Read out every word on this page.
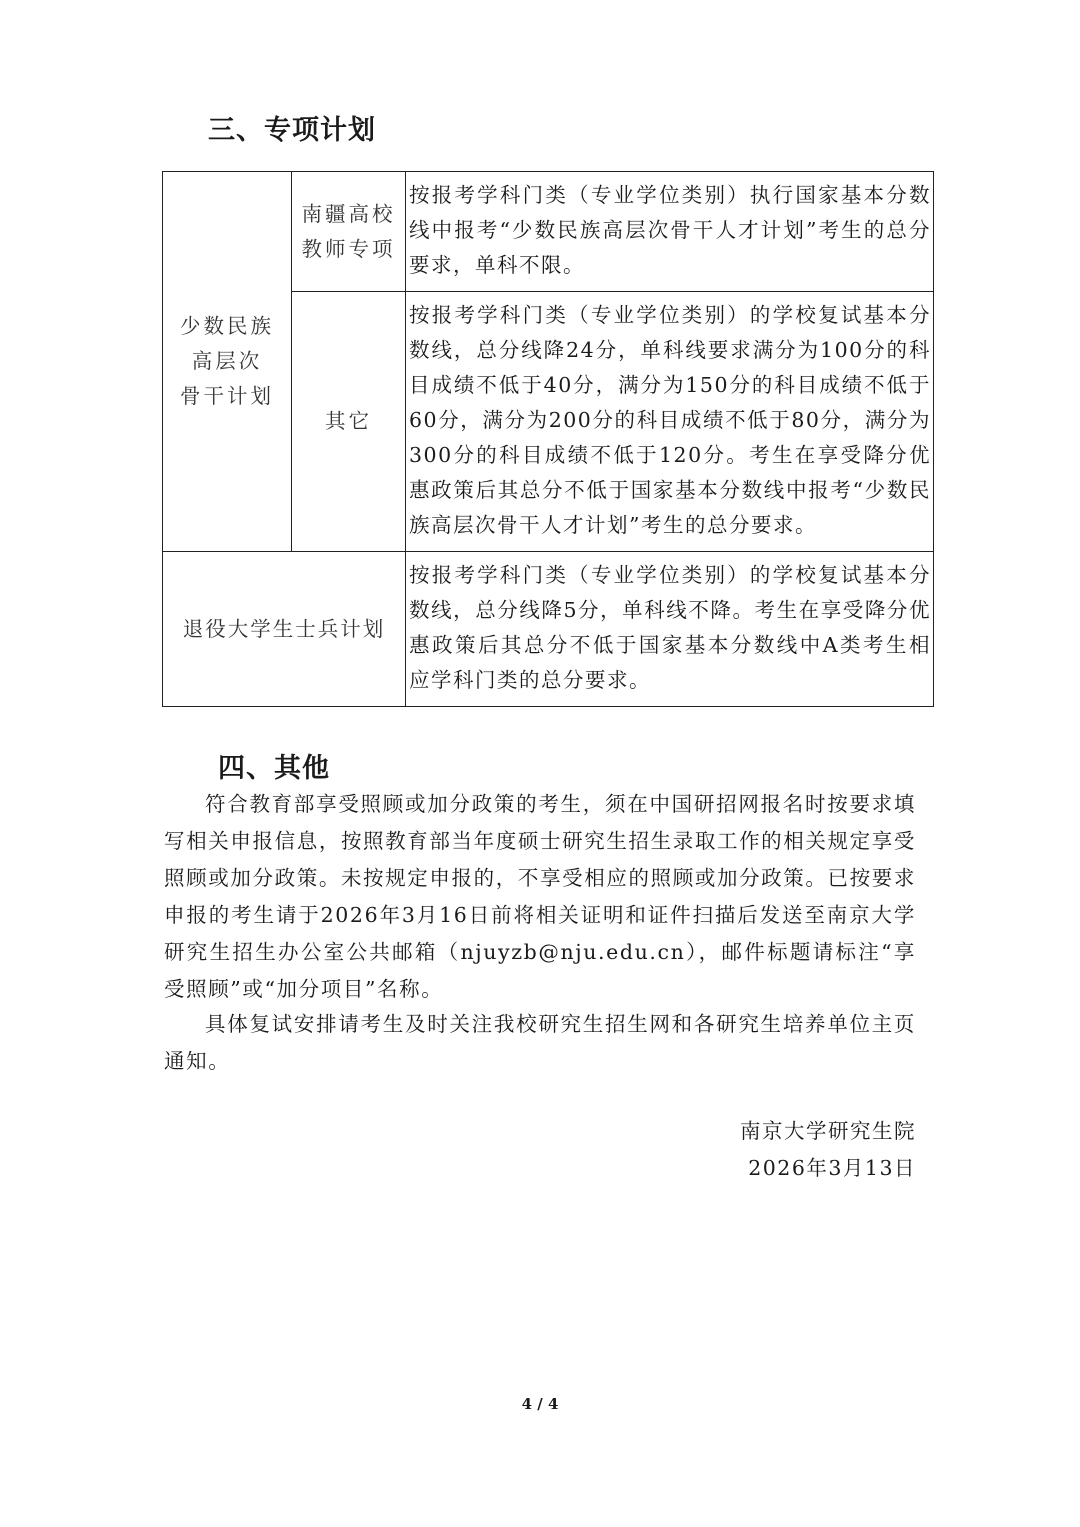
三、专项计划
少数民族
高层次
骨干计划	南疆高校
教师专项	按报考学科门类（专业学位类别）执行国家基本分数线中报考“少数民族高层次骨干人才计划”考生的总分要求，单科不限。

	其它	按报考学科门类（专业学位类别）的学校复试基本分数线，总分线降24分，单科线要求满分为100分的科目成绩不低于40分，满分为150分的科目成绩不低于60分，满分为200分的科目成绩不低于80分，满分为300分的科目成绩不低于120分。考生在享受降分优惠政策后其总分不低于国家基本分数线中报考“少数民族高层次骨干人才计划”考生的总分要求。
退役大学生士兵计划		按报考学科门类（专业学位类别）的学校复试基本分数线，总分线降5分，单科线不降。考生在享受降分优惠政策后其总分不低于国家基本分数线中A类考生相应学科门类的总分要求。
四、其他

符合教育部享受照顾或加分政策的考生，须在中国研招网报名时按要求填写相关申报信息，按照教育部当年度硕士研究生招生录取工作的相关规定享受照顾或加分政策。未按规定申报的，不享受相应的照顾或加分政策。已按要求申报的考生请于2026年3月16日前将相关证明和证件扫描后发送至南京大学研究生招生办公室公共邮箱（njuyzb@nju.edu.cn），邮件标题请标注“享受照顾”或“加分项目”名称。

具体复试安排请考生及时关注我校研究生招生网和各研究生培养单位主页通知。

南京大学研究生院

2026年3月13日

4 / 4
